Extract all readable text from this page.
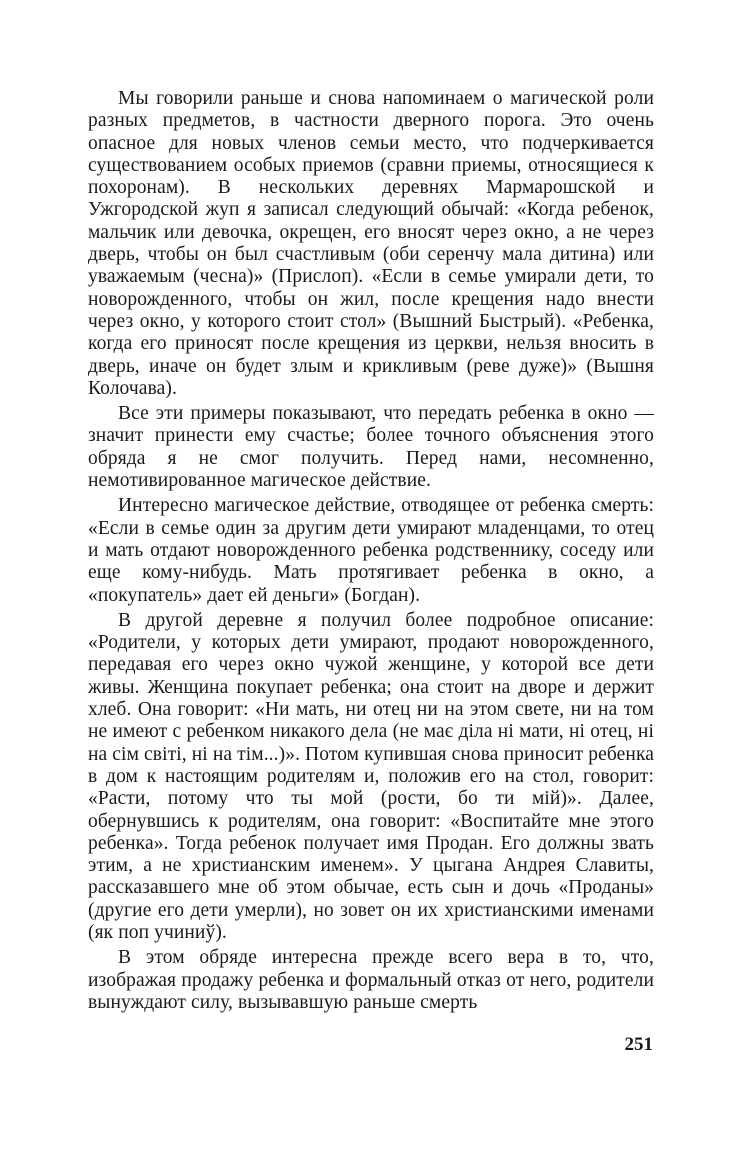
Мы говорили раньше и снова напоминаем о магической роли разных предметов, в частности дверного порога. Это очень опасное для новых членов семьи место, что подчеркивается существованием особых приемов (сравни приемы, относящиеся к похоронам). В нескольких деревнях Мармарошской и Ужгородской жуп я записал следующий обычай: «Когда ребенок, мальчик или девочка, окрещен, его вносят через окно, а не через дверь, чтобы он был счастливым (оби серенчу мала дитина) или уважаемым (чесна)» (Прислоп). «Если в семье умирали дети, то новорожденного, чтобы он жил, после крещения надо внести через окно, у которого стоит стол» (Вышний Быстрый). «Ребенка, когда его приносят после крещения из церкви, нельзя вносить в дверь, иначе он будет злым и крикливым (реве дуже)» (Вышня Колочава).

Все эти примеры показывают, что передать ребенка в окно — значит принести ему счастье; более точного объяснения этого обряда я не смог получить. Перед нами, несомненно, немотивированное магическое действие.

Интересно магическое действие, отводящее от ребенка смерть: «Если в семье один за другим дети умирают младенцами, то отец и мать отдают новорожденного ребенка родственнику, соседу или еще кому-нибудь. Мать протягивает ребенка в окно, а «покупатель» дает ей деньги» (Богдан).

В другой деревне я получил более подробное описание: «Родители, у которых дети умирают, продают новорожденного, передавая его через окно чужой женщине, у которой все дети живы. Женщина покупает ребенка; она стоит на дворе и держит хлеб. Она говорит: «Ни мать, ни отец ни на этом свете, ни на том не имеют с ребенком никакого дела (не має діла ні мати, ні отец, ні на сім світі, ні на тім...)». Потом купившая снова приносит ребенка в дом к настоящим родителям и, положив его на стол, говорит: «Расти, потому что ты мой (рости, бо ти мій)». Далее, обернувшись к родителям, она говорит: «Воспитайте мне этого ребенка». Тогда ребенок получает имя Продан. Его должны звать этим, а не христианским именем». У цыгана Андрея Славиты, рассказавшего мне об этом обычае, есть сын и дочь «Проданы» (другие его дети умерли), но зовет он их христианскими именами (як поп учиниў).

В этом обряде интересна прежде всего вера в то, что, изображая продажу ребенка и формальный отказ от него, родители вынуждают силу, вызывавшую раньше смерть

251
